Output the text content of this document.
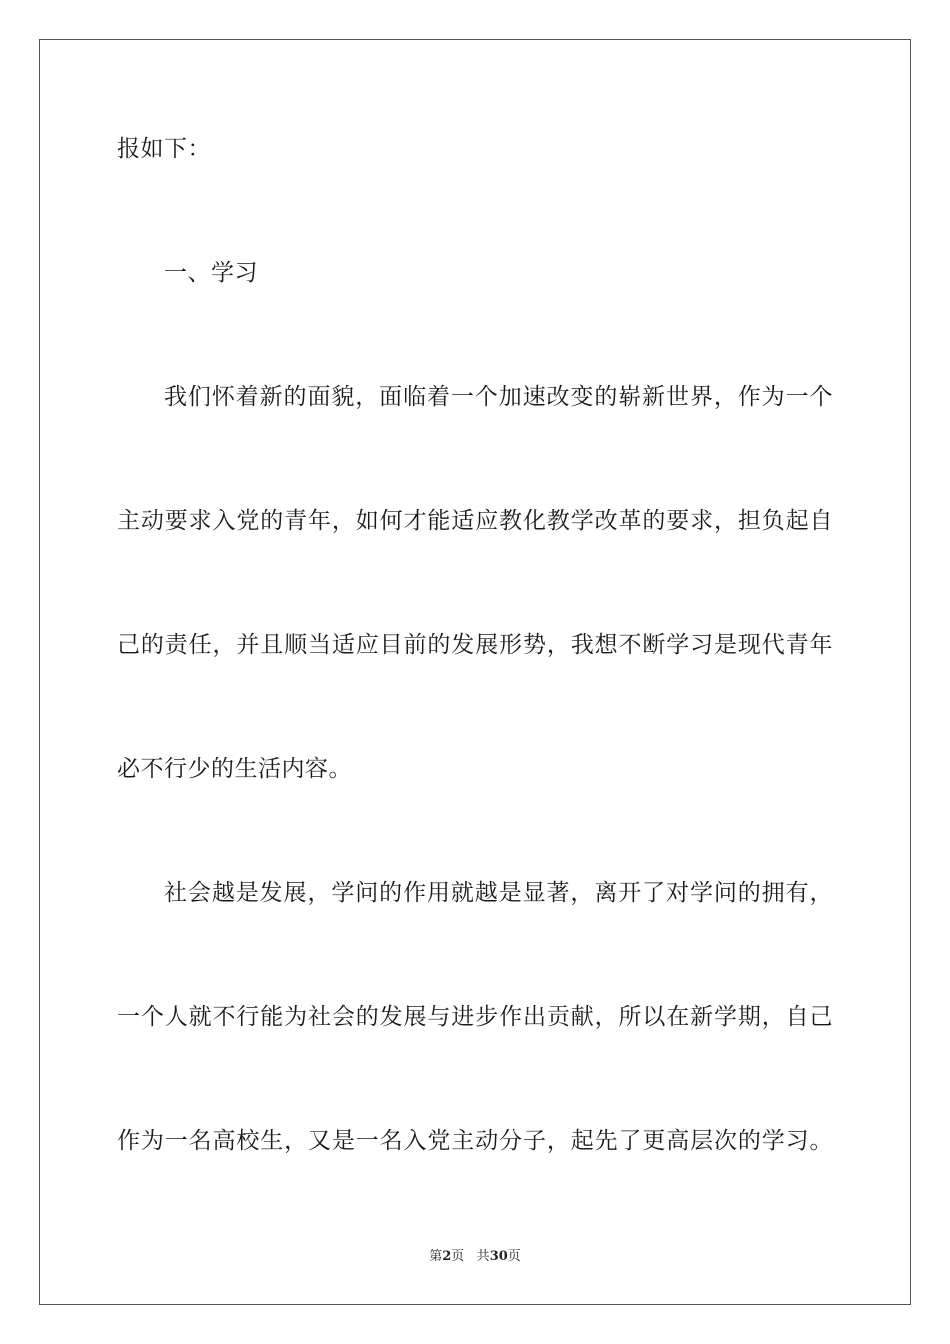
报如下：
一、学习
我们怀着新的面貌，面临着一个加速改变的崭新世界，作为一个
主动要求入党的青年，如何才能适应教化教学改革的要求，担负起自
己的责任，并且顺当适应目前的发展形势，我想不断学习是现代青年
必不行少的生活内容。
社会越是发展，学问的作用就越是显著，离开了对学问的拥有，
一个人就不行能为社会的发展与进步作出贡献，所以在新学期，自己
作为一名高校生，又是一名入党主动分子，起先了更高层次的学习。
第2页 共30页
